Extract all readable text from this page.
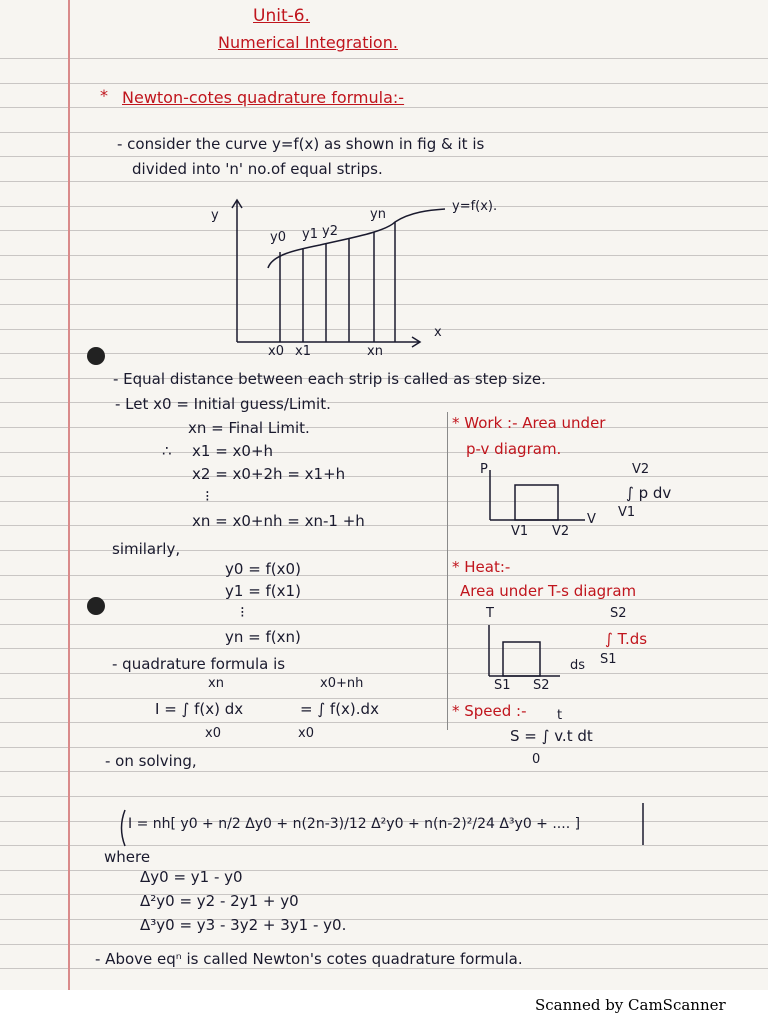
Unit-6.
Numerical Integration.
* Newton-cotes quadrature formula:-
- consider the curve y=f(x) as shown in fig & it is
divided into 'n' no.of equal strips.
y
x
y=f(x).
y0 y1 y2
yn
x0 x1	xn
- Equal distance between each strip is called as step size.
- Let x0 = Initial guess/Limit.
xn = Final Limit.
∴ x1 = x0+h
x2 = x0+2h = x1+h
⁝
xn = x0+nh = xn-1 +h
similarly,
y0 = f(x0)
y1 = f(x1)
⁝
yn = f(xn)
- quadrature formula is
xn
I = ∫ f(x) dx
x0
x0+nh
= ∫ f(x).dx
x0
- on solving,
I = nh[ y0 + n/2 Δy0 + n(2n-3)/12 Δ²y0 + n(n-2)²/24 Δ³y0 + .... ]
where
Δy0 = y1 - y0
Δ²y0 = y2 - 2y1 + y0
Δ³y0 = y3 - 3y2 + 3y1 - y0.
- Above eqⁿ is called Newton's cotes quadrature formula.
* Work :- Area under
p-v diagram.
P
V
V1 V2
V2
∫ p dv
V1
* Heat:-
Area under T-s diagram
T
S1 S2
ds
S2
∫ T.ds
S1
* Speed :- t
S = ∫ v.t dt
0
Scanned by CamScanner
